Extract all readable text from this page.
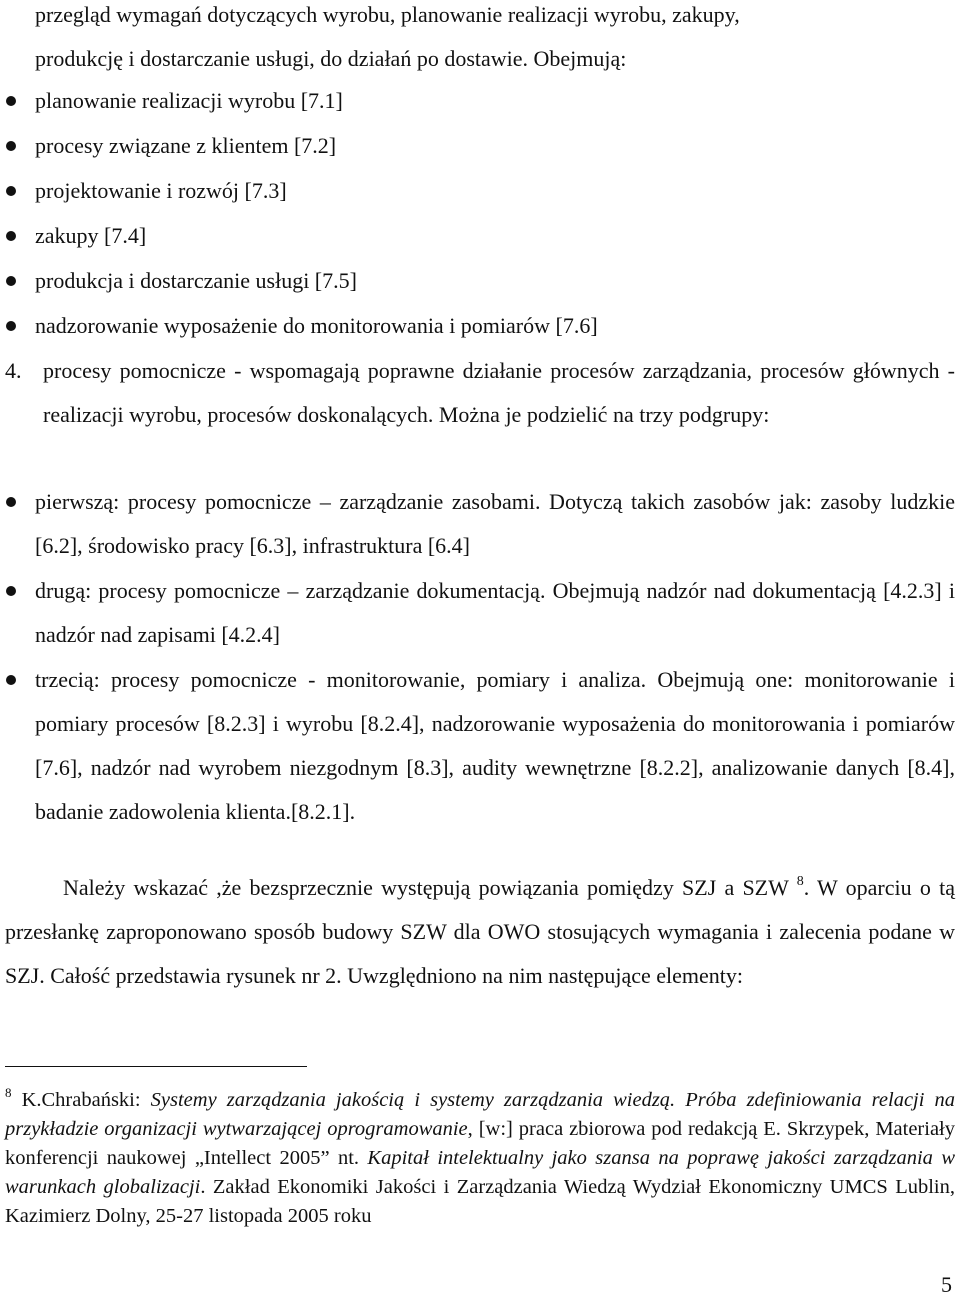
przegląd wymagań dotyczących wyrobu, planowanie realizacji wyrobu, zakupy,
produkcję i dostarczanie usługi, do działań po dostawie. Obejmują:
planowanie realizacji wyrobu [7.1]
procesy związane z klientem [7.2]
projektowanie i rozwój [7.3]
zakupy [7.4]
produkcja i dostarczanie usługi [7.5]
nadzorowanie wyposażenie do monitorowania i pomiarów [7.6]
4. procesy pomocnicze - wspomagają poprawne działanie procesów zarządzania, procesów głównych - realizacji wyrobu, procesów doskonalących. Można je podzielić na trzy podgrupy:
pierwszą: procesy pomocnicze – zarządzanie zasobami. Dotyczą takich zasobów jak: zasoby ludzkie [6.2], środowisko pracy [6.3], infrastruktura [6.4]
drugą: procesy pomocnicze – zarządzanie dokumentacją. Obejmują nadzór nad dokumentacją [4.2.3] i nadzór nad zapisami [4.2.4]
trzecią: procesy pomocnicze - monitorowanie, pomiary i analiza. Obejmują one: monitorowanie i pomiary procesów [8.2.3] i wyrobu [8.2.4], nadzorowanie wyposażenia do monitorowania i pomiarów [7.6], nadzór nad wyrobem niezgodnym [8.3], audity wewnętrzne [8.2.2], analizowanie danych [8.4], badanie zadowolenia klienta.[8.2.1].
Należy wskazać ,że bezsprzecznie występują powiązania pomiędzy SZJ a SZW $^8$. W oparciu o tą przesłankę zaproponowano sposób budowy SZW dla OWO stosujących wymagania i zalecenia podane w SZJ. Całość przedstawia rysunek nr 2. Uwzględniono na nim następujące elementy:
$^8$ K.Chrabański: Systemy zarządzania jakością i systemy zarządzania wiedzą. Próba zdefiniowania relacji na przykładzie organizacji wytwarzającej oprogramowanie, [w:] praca zbiorowa pod redakcją E. Skrzypek, Materiały konferencji naukowej „Intellect 2005” nt. Kapitał intelektualny jako szansa na poprawę jakości zarządzania w warunkach globalizacji. Zakład Ekonomiki Jakości i Zarządzania Wiedzą Wydział Ekonomiczny UMCS Lublin, Kazimierz Dolny, 25-27 listopada 2005 roku
5
